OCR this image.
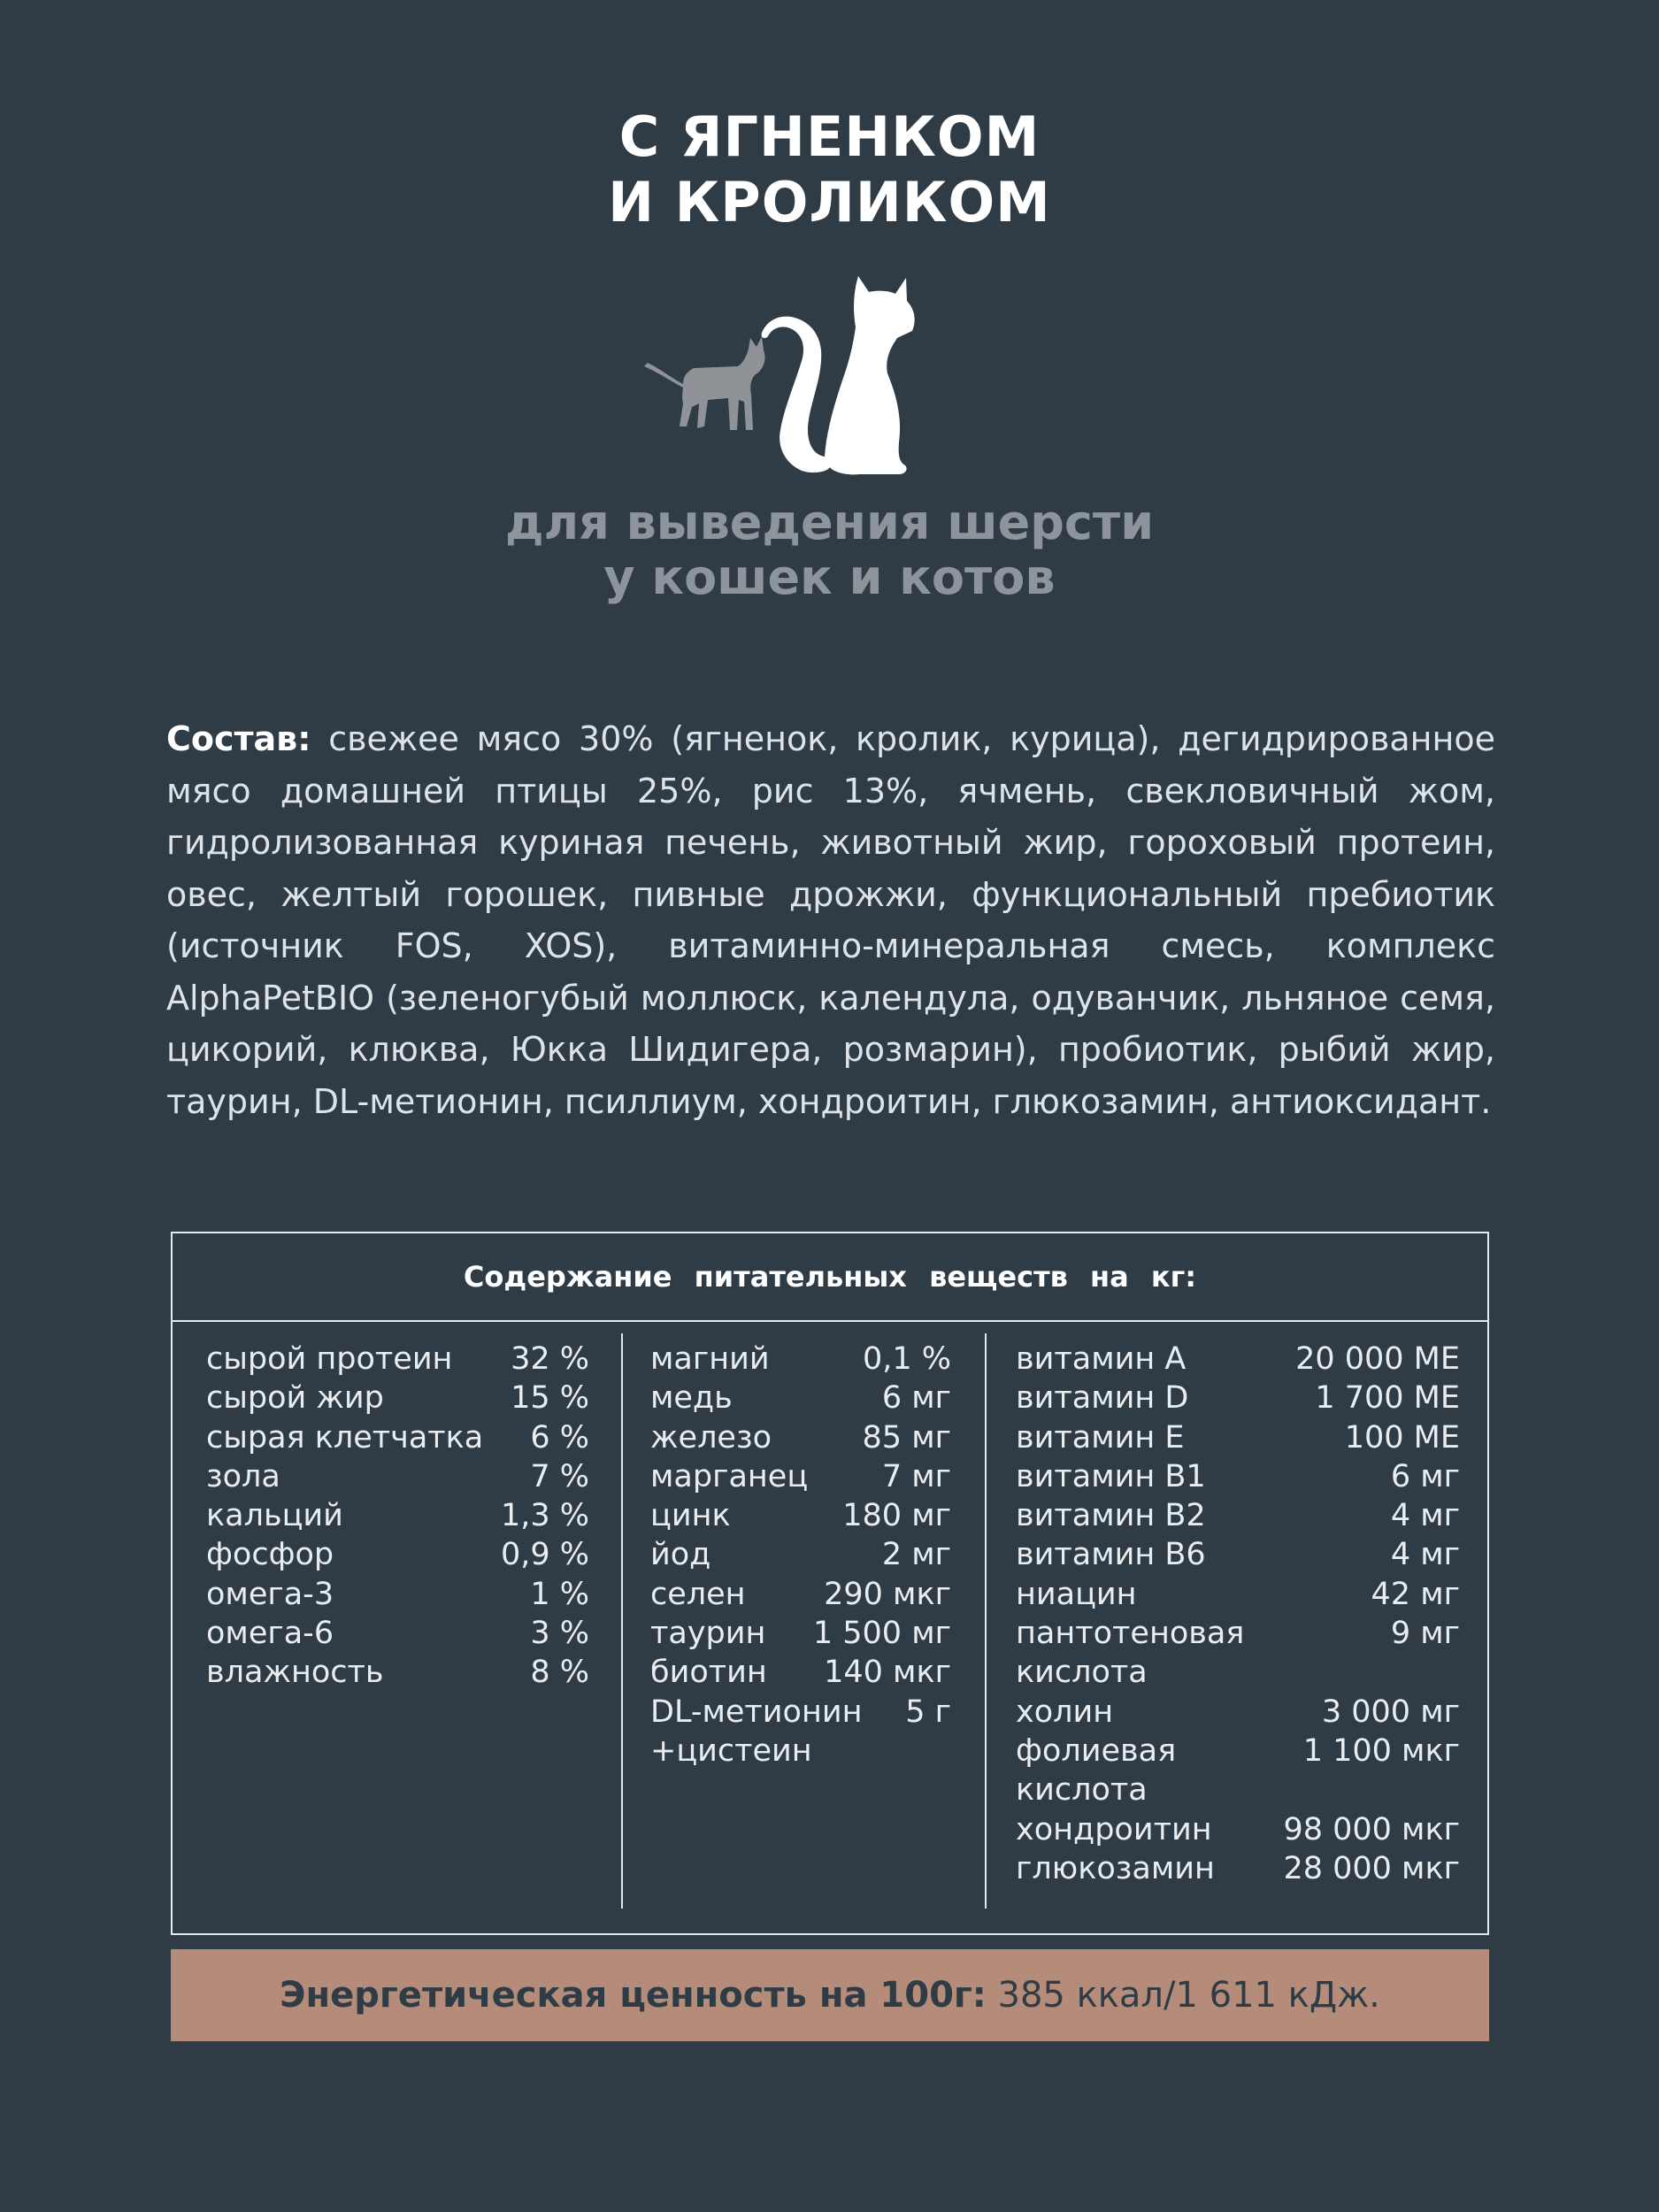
С ЯГНЕНКОМ
И КРОЛИКОМ
для выведения шерсти
у кошек и котов
Состав: свежее мясо 30% (ягненок, кролик, курица), дегидрированное мясо домашней птицы 25%, рис 13%, ячмень, свекловичный жом, гидролизованная куриная печень, животный жир, гороховый протеин, овес, желтый горошек, пивные дрожжи, функциональный пребиотик (источник FOS, XOS), витаминно-минеральная смесь, комплекс AlphaPetBIO (зеленогубый моллюск, календула, одуванчик, льняное семя, цикорий, клюква, Юкка Шидигера, розмарин), пробиотик, рыбий жир, таурин, DL-метионин, псиллиум, хондроитин, глюкозамин, антиоксидант.
Содержание питательных веществ на кг:
сырой протеин 32 %
сырой жир	15 %
сырая клетчатка 6 %
зола	7 %
кальций	1,3 %
фосфор	0,9 %
омега-3	1 %
омега-6	3 %
влажность	8 %
магний	0,1 %
медь	6 мг
железо	85 мг
марганец 7 мг
цинк	180 мг
йод	2 мг
селен	290 мкг
таурин 1 500 мг
биотин 140 мкг
DL-метионин 5 г
+цистеин
витамин A	20 000 МЕ
витамин D	1 700 МЕ
витамин E	100 МЕ
витамин B1	6 мг
витамин B2	4 мг
витамин B6	4 мг
ниацин	42 мг
пантотеновая	9 мг
кислота
холин	3 000 мг
фолиевая	1 100 мкг
кислота
хондроитин 98 000 мкг
глюкозамин 28 000 мкг
Энергетическая ценность на 100г: 385 ккал/1 611 кДж.
